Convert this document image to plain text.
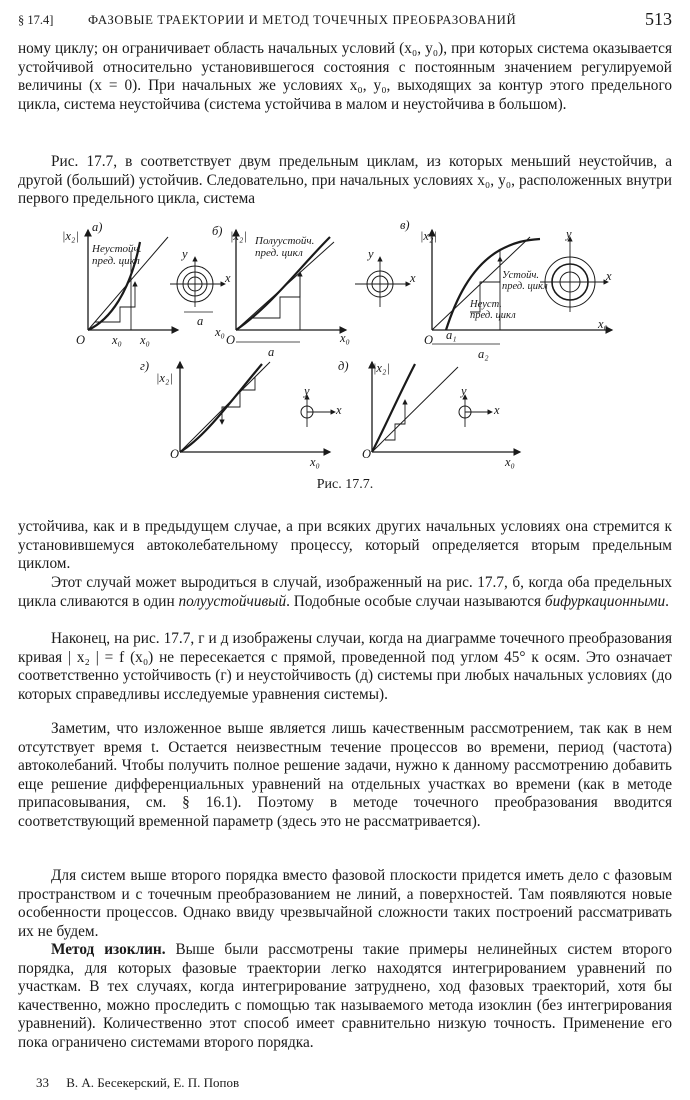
§ 17.4]	ФАЗОВЫЕ ТРАЕКТОРИИ И МЕТОД ТОЧЕЧНЫХ ПРЕОБРАЗОВАНИЙ	513

ному циклу; он ограничивает область начальных условий (x₀, y₀), при которых система оказывается устойчивой относительно установившегося состояния с постоянным значением регулируемой величины (x = 0). При начальных же условиях x₀, y₀, выходящих за контур этого предельного цикла, система неустойчива (система устойчива в малом и неустойчива в большом).

Рис. 17.7, в соответствует двум предельным циклам, из которых меньший неустойчив, а другой (больший) устойчив. Следовательно, при начальных условиях x₀, y₀, расположенных внутри первого предельного цикла, система

а)
|x₂|
Неустойч.
пред. цикл
x₀ x₀
O
a
y
x
x₀
б) |x₂| Полуустойч.
пред. цикл
O
a
y
x
x₀
в)
|x₂|
Устойч.
пред. цикл
Неуст.
пред. цикл
O a₁
a₂
y
x
x₀
г)
|x₂|
O
y
x
x₀
д) |x₂|
O
y
x
x₀
Рис. 17.7.

устойчива, как и в предыдущем случае, а при всяких других начальных условиях она стремится к установившемуся автоколебательному процессу, который определяется вторым предельным циклом.

Этот случай может выродиться в случай, изображенный на рис. 17.7, б, когда оба предельных цикла сливаются в один полуустойчивый. Подобные особые случаи называются бифуркационными.

Наконец, на рис. 17.7, г и д изображены случаи, когда на диаграмме точечного преобразования кривая | x₂ | = f (x₀) не пересекается с прямой, проведенной под углом 45° к осям. Это означает соответственно устойчивость (г) и неустойчивость (д) системы при любых начальных условиях (до которых справедливы исследуемые уравнения системы).

Заметим, что изложенное выше является лишь качественным рассмотрением, так как в нем отсутствует время t. Остается неизвестным течение процессов во времени, период (частота) автоколебаний. Чтобы получить полное решение задачи, нужно к данному рассмотрению добавить еще решение дифференциальных уравнений на отдельных участках во времени (как в методе припасовывания, см. § 16.1). Поэтому в методе точечного преобразования вводится соответствующий временной параметр (здесь это не рассматривается).

Для систем выше второго порядка вместо фазовой плоскости придется иметь дело с фазовым пространством и с точечным преобразованием не линий, а поверхностей. Там появляются новые особенности процессов. Однако ввиду чрезвычайной сложности таких построений рассматривать их не будем.

Метод изоклин. Выше были рассмотрены такие примеры нелинейных систем второго порядка, для которых фазовые траектории легко находятся интегрированием уравнений по участкам. В тех случаях, когда интегрирование затруднено, ход фазовых траекторий, хотя бы качественно, можно проследить с помощью так называемого метода изоклин (без интегрирования уравнений). Количественно этот способ имеет сравнительно низкую точность. Применение его пока ограничено системами второго порядка.

33 В. А. Бесекерский, Е. П. Попов
